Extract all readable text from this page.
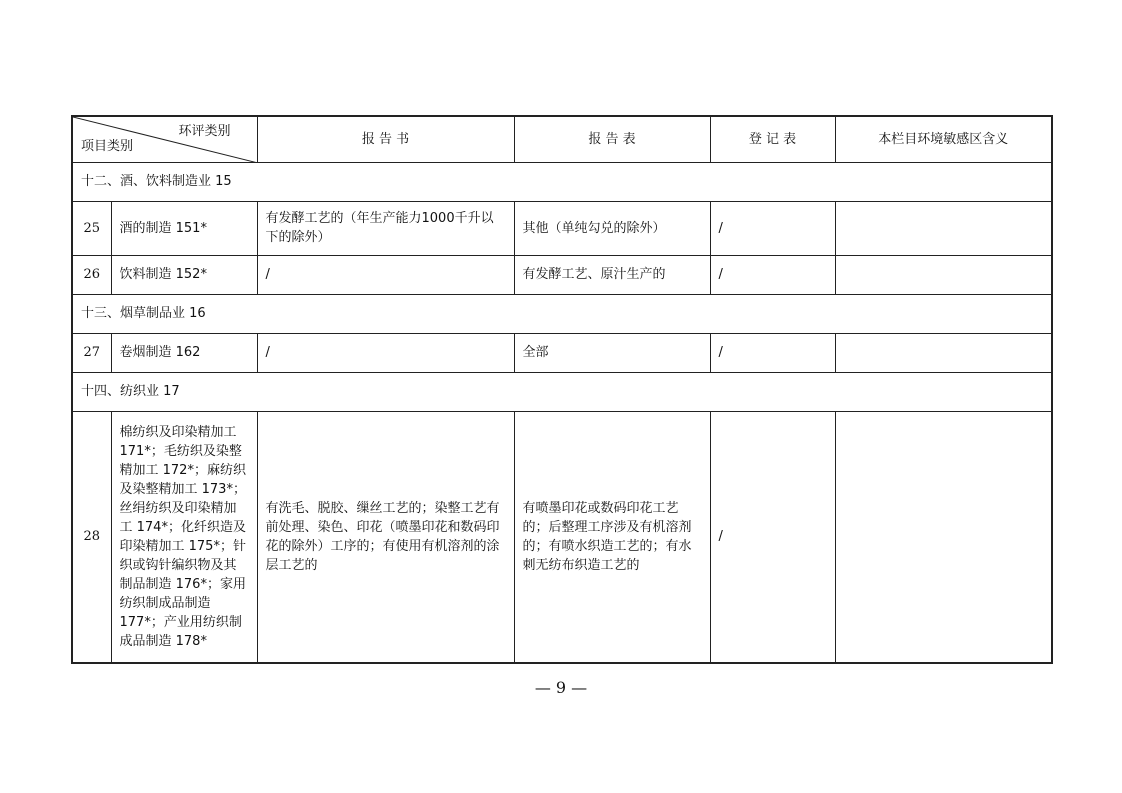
环评类别
项目类别		报 告 书	报 告 表	登 记 表	本栏目环境敏感区含义
十二、酒、饮料制造业 15					
25	酒的制造 151*	有发酵工艺的（年生产能力1000千升以下的除外）	其他（单纯勾兑的除外）	/	
26	饮料制造 152*	/	有发酵工艺、原汁生产的	/	
十三、烟草制品业 16					
27	卷烟制造 162	/	全部	/	
十四、纺织业 17					
28	棉纺织及印染精加工 171*；毛纺织及染整精加工 172*；麻纺织及染整精加工 173*；丝绢纺织及印染精加工 174*；化纤织造及印染精加工 175*；针织或钩针编织物及其制品制造 176*；家用纺织制成品制造 177*；产业用纺织制成品制造 178*	有洗毛、脱胶、缫丝工艺的；染整工艺有前处理、染色、印花（喷墨印花和数码印花的除外）工序的；有使用有机溶剂的涂层工艺的	有喷墨印花或数码印花工艺的；后整理工序涉及有机溶剂的；有喷水织造工艺的；有水刺无纺布织造工艺的	/	
— 9 —
